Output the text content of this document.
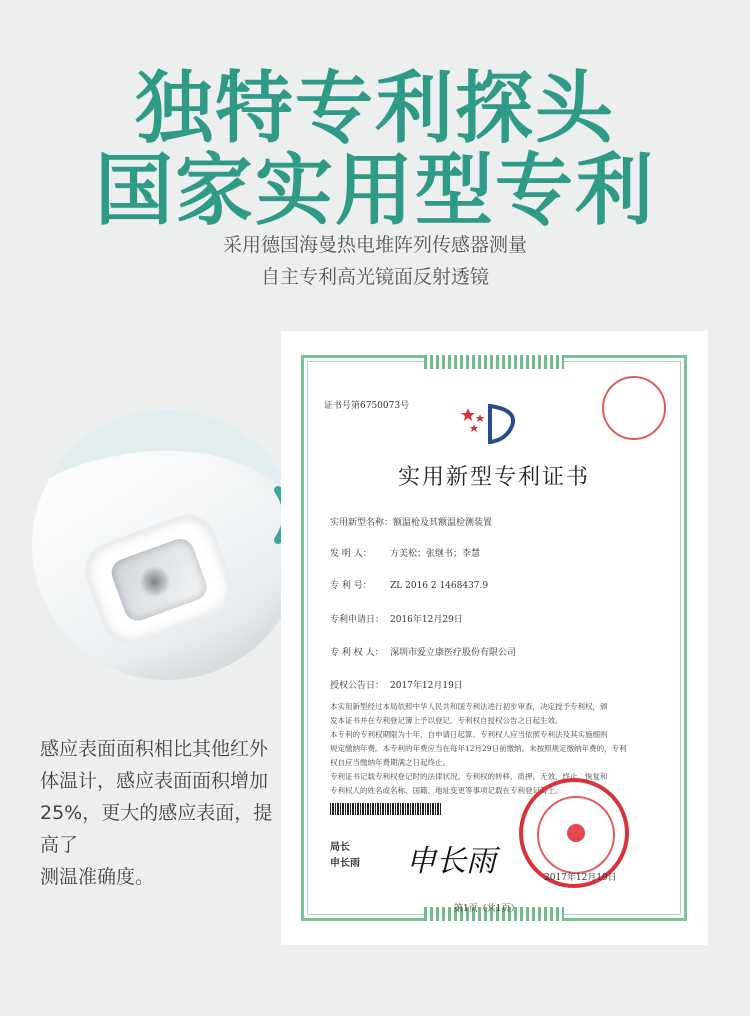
独特专利探头
国家实用型专利
采用德国海曼热电堆阵列传感器测量
自主专利高光镜面反射透镜
感应表面面积相比其他红外
体温计，感应表面面积增加
25%，更大的感应表面，提高了
测温准确度。
证书号第6750073号
实用新型专利证书
实用新型名称：额温枪及其额温检测装置
发 明 人： 方美松；张继书；李慧
专 利 号： ZL 2016 2 1468437.9
专利申请日： 2016年12月29日
专 利 权 人： 深圳市爱立康医疗股份有限公司
授权公告日： 2017年12月19日
本实用新型经过本局依照中华人民共和国专利法进行初步审查，决定授予专利权，颁
发本证书并在专利登记簿上予以登记。专利权自授权公告之日起生效。
本专利的专利权期限为十年，自申请日起算。专利权人应当依照专利法及其实施细则
规定缴纳年费。本专利的年费应当在每年12月29日前缴纳。未按照规定缴纳年费的，专利
权自应当缴纳年费期满之日起终止。
专利证书记载专利权登记时的法律状况。专利权的转移、质押、无效、终止、恢复和
专利权人的姓名或名称、国籍、地址变更等事项记载在专利登记簿上。
局长
申长雨 申长雨	2017年12月19日
第1页（共1页）
